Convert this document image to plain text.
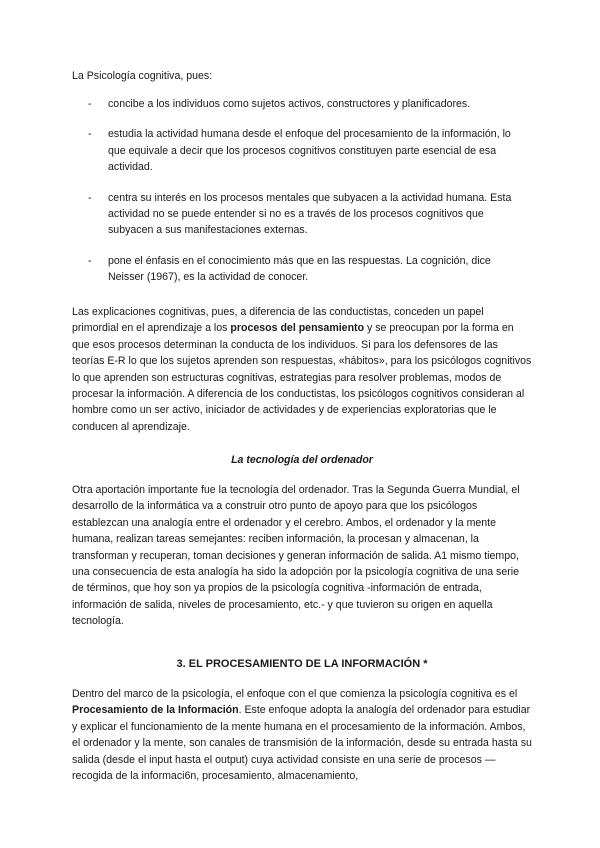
La Psicología cognitiva, pues:

- concibe a los individuos como sujetos activos, constructores y planificadores.
- estudia la actividad humana desde el enfoque del procesamiento de la información, lo que equivale a decir que los procesos cognitivos constituyen parte esencial de esa actividad.
- centra su interés en los procesos mentales que subyacen a la actividad humana. Esta actividad no se puede entender si no es a través de los procesos cognitivos que subyacen a sus manifestaciones externas.
- pone el énfasis en el conocimiento más que en las respuestas. La cognición, dice Neisser (1967), es la actividad de conocer.

Las explicaciones cognitivas, pues, a diferencia de las conductistas, conceden un papel primordial en el aprendizaje a los procesos del pensamiento y se preocupan por la forma en que esos procesos determinan la conducta de los individuos. Si para los defensores de las teorías E-R lo que los sujetos aprenden son respuestas, «hábitos», para los psicólogos cognitivos lo que aprenden son estructuras cognitivas, estrategias para resolver problemas, modos de procesar la información. A diferencia de los conductistas, los psicólogos cognitivos consideran al hombre como un ser activo, iniciador de actividades y de experiencias exploratorias que le conducen al aprendizaje.

La tecnología del ordenador

Otra aportación importante fue la tecnología del ordenador. Tras la Segunda Guerra Mundial, el desarrollo de la informática va a construir otro punto de apoyo para que los psicólogos establezcan una analogía entre el ordenador y el cerebro. Ambos, el ordenador y la mente humana, realizan tareas semejantes: reciben información, la procesan y almacenan, la transforman y recuperan, toman decisiones y generan información de salida. A1 mismo tiempo, una consecuencia de esta analogía ha sido la adopción por la psicología cognitiva de una serie de términos, que hoy son ya propios de la psicología cognitiva -información de entrada, información de salida, niveles de procesamiento, etc.- y que tuvieron su origen en aquella tecnología.

3. EL PROCESAMIENTO DE LA INFORMACIÓN *

Dentro del marco de la psicología, el enfoque con el que comienza la psicología cognitiva es el Procesamiento de la Información. Este enfoque adopta la analogía del ordenador para estudiar y explicar el funcionamiento de la mente humana en el procesamiento de la información. Ambos, el ordenador y la mente, son canales de transmisión de la información, desde su entrada hasta su salida (desde el input hasta el output) cuya actividad consiste en una serie de procesos —recogida de la informaci6n, procesamiento, almacenamiento,
